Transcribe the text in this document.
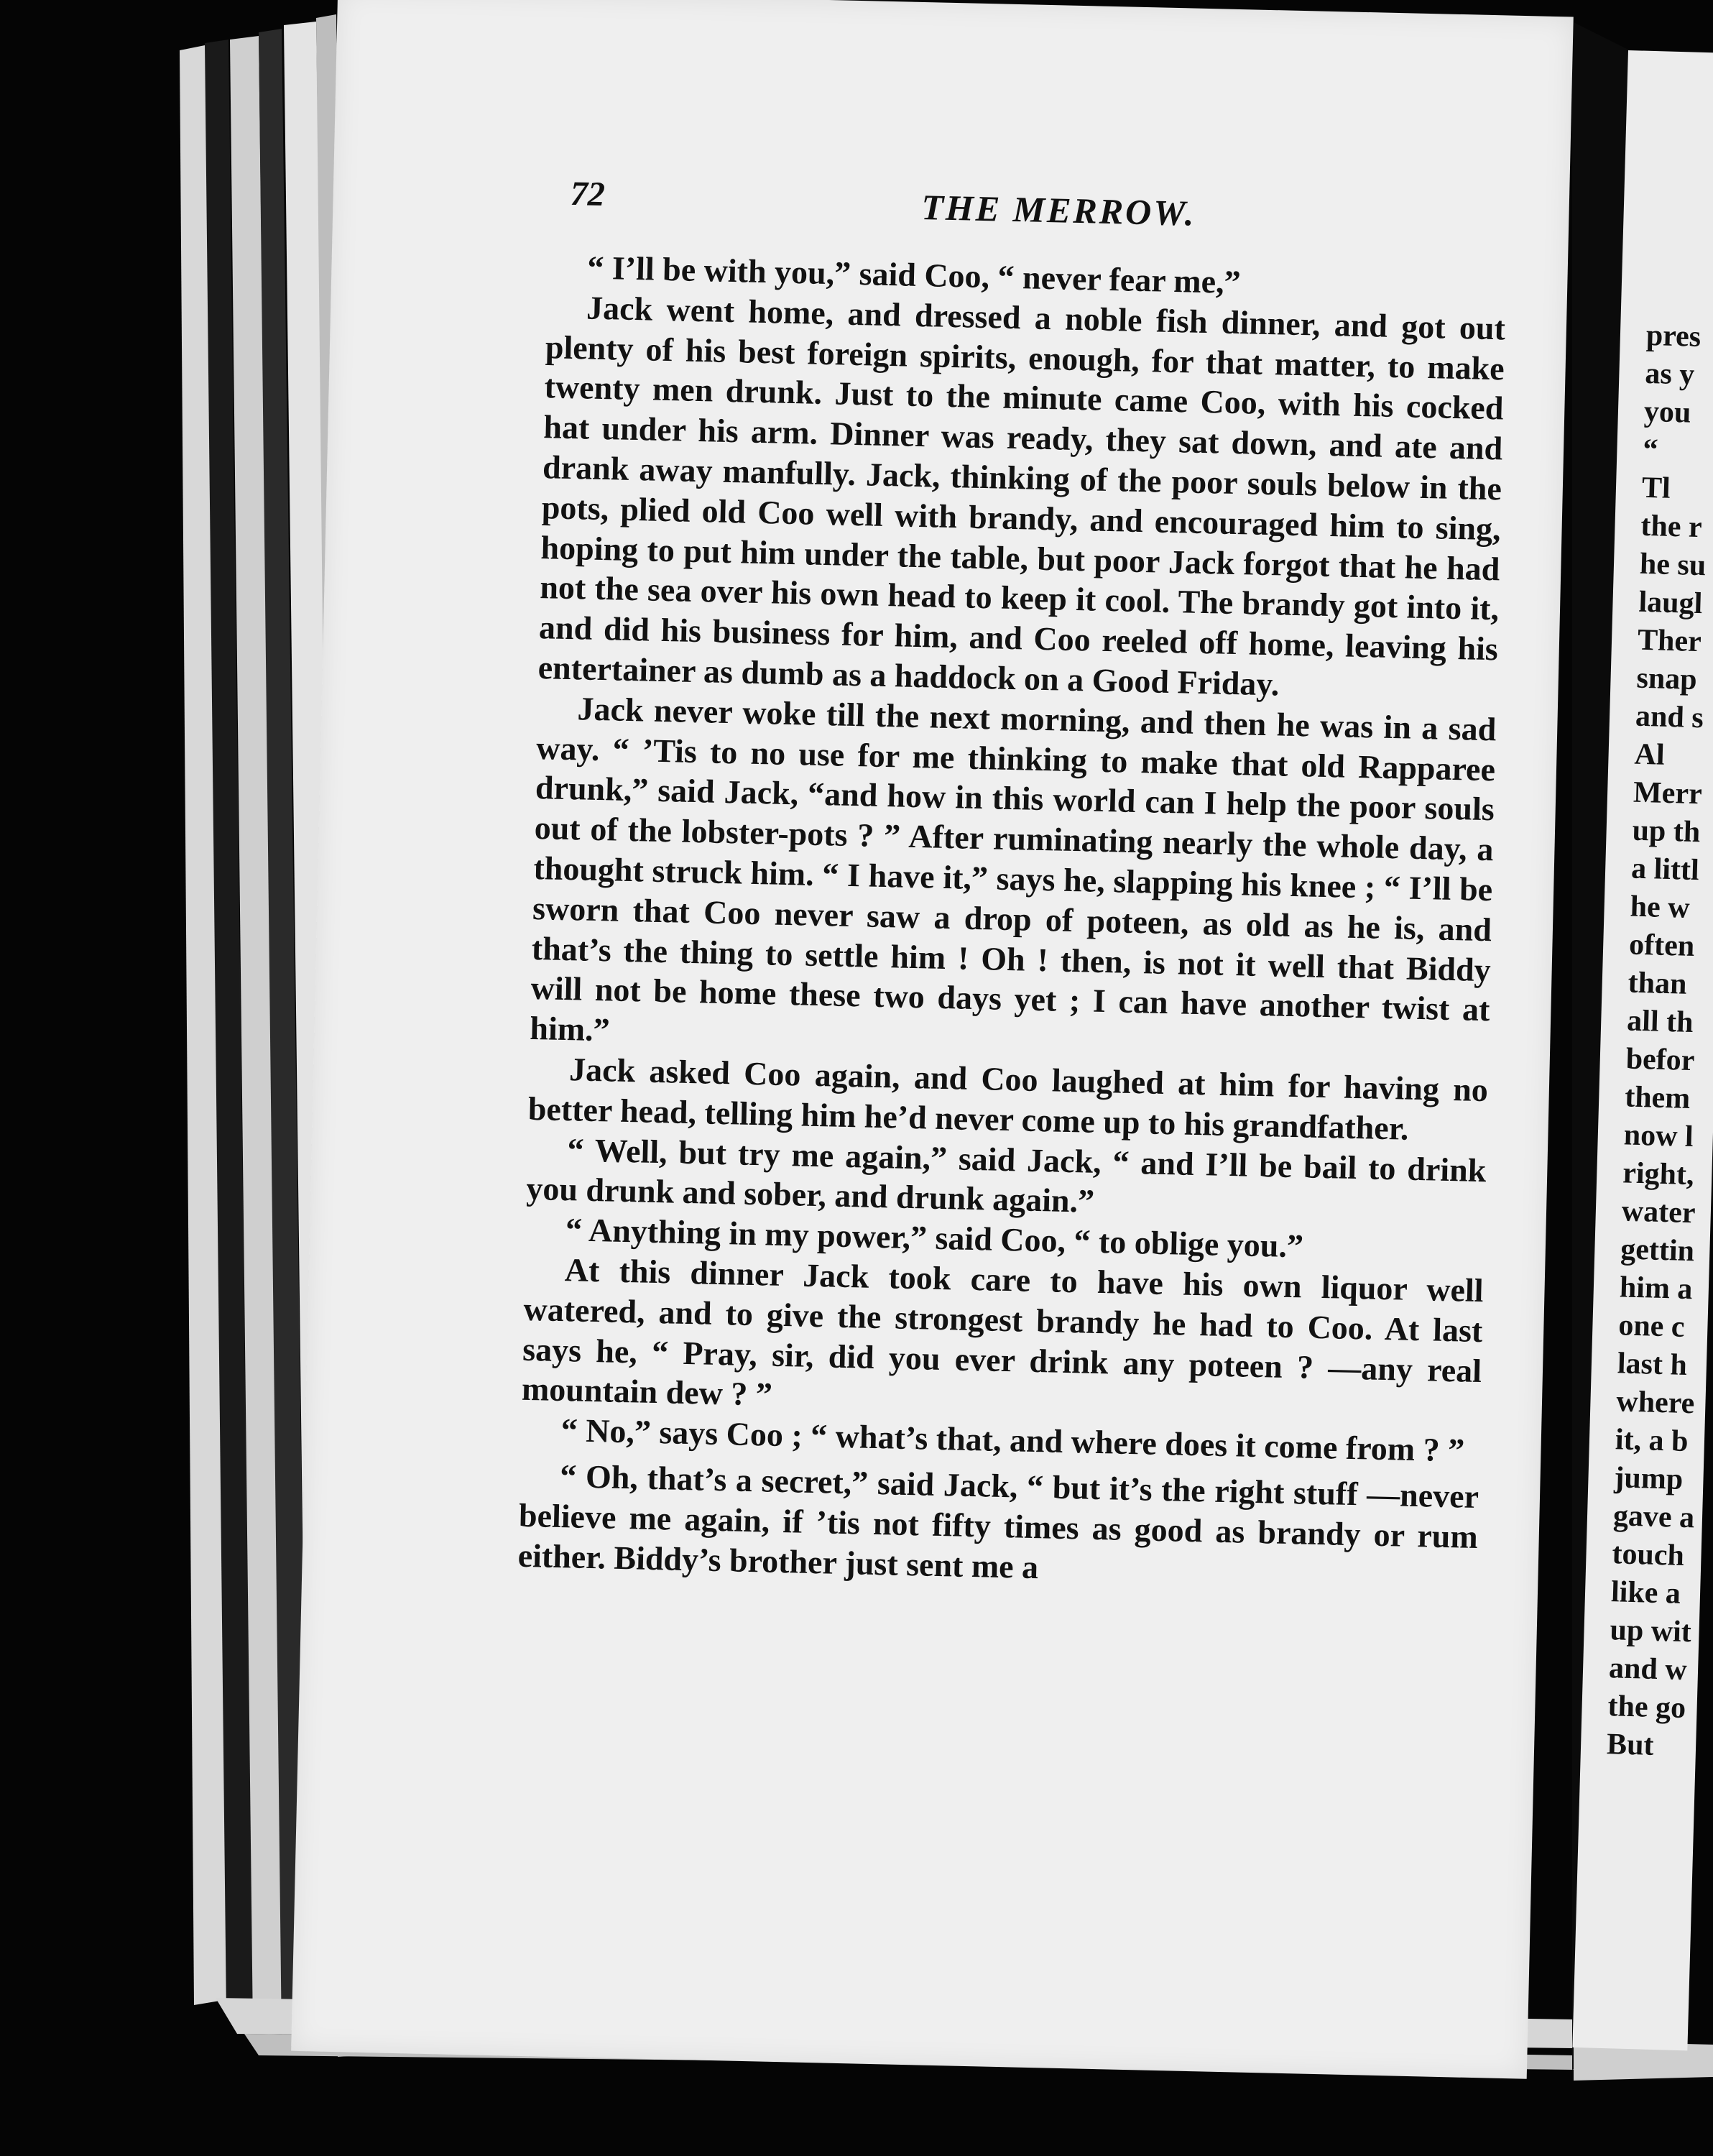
72	THE MERROW.

“ I’ll be with you,” said Coo, “ never fear me,”

Jack went home, and dressed a noble fish dinner, and got out plenty of his best foreign spirits, enough, for that matter, to make twenty men drunk. Just to the minute came Coo, with his cocked hat under his arm. Dinner was ready, they sat down, and ate and drank away manfully. Jack, thinking of the poor souls below in the pots, plied old Coo well with brandy, and encouraged him to sing, hoping to put him under the table, but poor Jack forgot that he had not the sea over his own head to keep it cool. The brandy got into it, and did his business for him, and Coo reeled off home, leaving his entertainer as dumb as a haddock on a Good Friday.

Jack never woke till the next morning, and then he was in a sad way. “ ’Tis to no use for me thinking to make that old Rapparee drunk,” said Jack, “and how in this world can I help the poor souls out of the lobster-pots ? ” After ruminating nearly the whole day, a thought struck him. “ I have it,” says he, slapping his knee ; “ I’ll be sworn that Coo never saw a drop of poteen, as old as he is, and that’s the thing to settle him ! Oh ! then, is not it well that Biddy will not be home these two days yet ; I can have another twist at him.”

Jack asked Coo again, and Coo laughed at him for having no better head, telling him he’d never come up to his grandfather.

“ Well, but try me again,” said Jack, “ and I’ll be bail to drink you drunk and sober, and drunk again.”

“ Anything in my power,” said Coo, “ to oblige you.”

At this dinner Jack took care to have his own liquor well watered, and to give the strongest brandy he had to Coo. At last says he, “ Pray, sir, did you ever drink any poteen ? —any real mountain dew ? ”

“ No,” says Coo ; “ what’s that, and where does it come from ? ”

“ Oh, that’s a secret,” said Jack, “ but it’s the right stuff —never believe me again, if ’tis not fifty times as good as brandy or rum either. Biddy’s brother just sent me a

pres
as y
you
“
Tl
the r
he su
laugl
Ther
snap
and s
Al
Merr
up th
a littl
he w
often
than
all th
befor
them
now l
right,
water
gettin
him a
one c
last h
where
it, a b
jump
gave a
touch
like a
up wit
and w
the go
But
